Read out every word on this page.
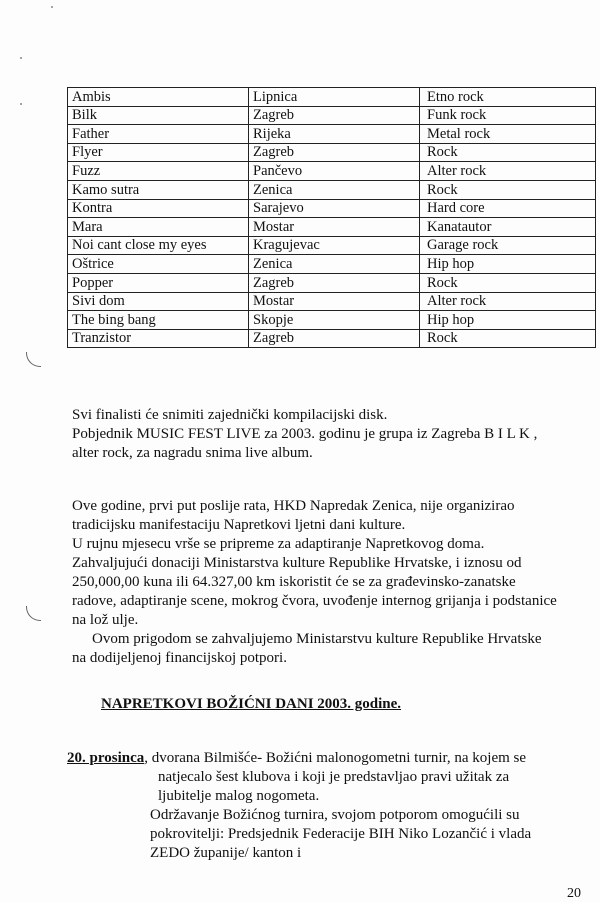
Ambis	Lipnica	Etno rock
Bilk	Zagreb	Funk rock
Father	Rijeka	Metal rock
Flyer	Zagreb	Rock
Fuzz	Pančevo	Alter rock
Kamo sutra	Zenica	Rock
Kontra	Sarajevo	Hard core
Mara	Mostar	Kanatautor
Noi cant close my eyes	Kragujevac	Garage rock
Oštrice	Zenica	Hip hop
Popper	Zagreb	Rock
Sivi dom	Mostar	Alter rock
The bing bang	Skopje	Hip hop
Tranzistor	Zagreb	Rock
Svi finalisti će snimiti zajednički kompilacijski disk.
Pobjednik MUSIC FEST LIVE za 2003. godinu je grupa iz Zagreba B I L K ,
alter rock, za nagradu snima live album.
Ove godine, prvi put poslije rata, HKD Napredak Zenica, nije organizirao
tradicijsku manifestaciju Napretkovi ljetni dani kulture.
U rujnu mjesecu vrše se pripreme za adaptiranje Napretkovog doma.
Zahvaljujući donaciji Ministarstva kulture Republike Hrvatske, i iznosu od
250,000,00 kuna ili 64.327,00 km iskoristit će se za građevinsko-zanatske
radove, adaptiranje scene, mokrog čvora, uvođenje internog grijanja i podstanice
na lož ulje.
Ovom prigodom se zahvaljujemo Ministarstvu kulture Republike Hrvatske
na dodijeljenoj financijskoj potpori.
NAPRETKOVI BOŽIĆNI DANI 2003. godine.
20. prosinca, dvorana Bilmišće- Božićni malonogometni turnir, na kojem se
natjecalo šest klubova i koji je predstavljao pravi užitak za
ljubitelje malog nogometa.
Održavanje Božićnog turnira, svojom potporom omogućili su
pokrovitelji: Predsjednik Federacije BIH Niko Lozančić i vlada
ZEDO županije/ kanton i
20
